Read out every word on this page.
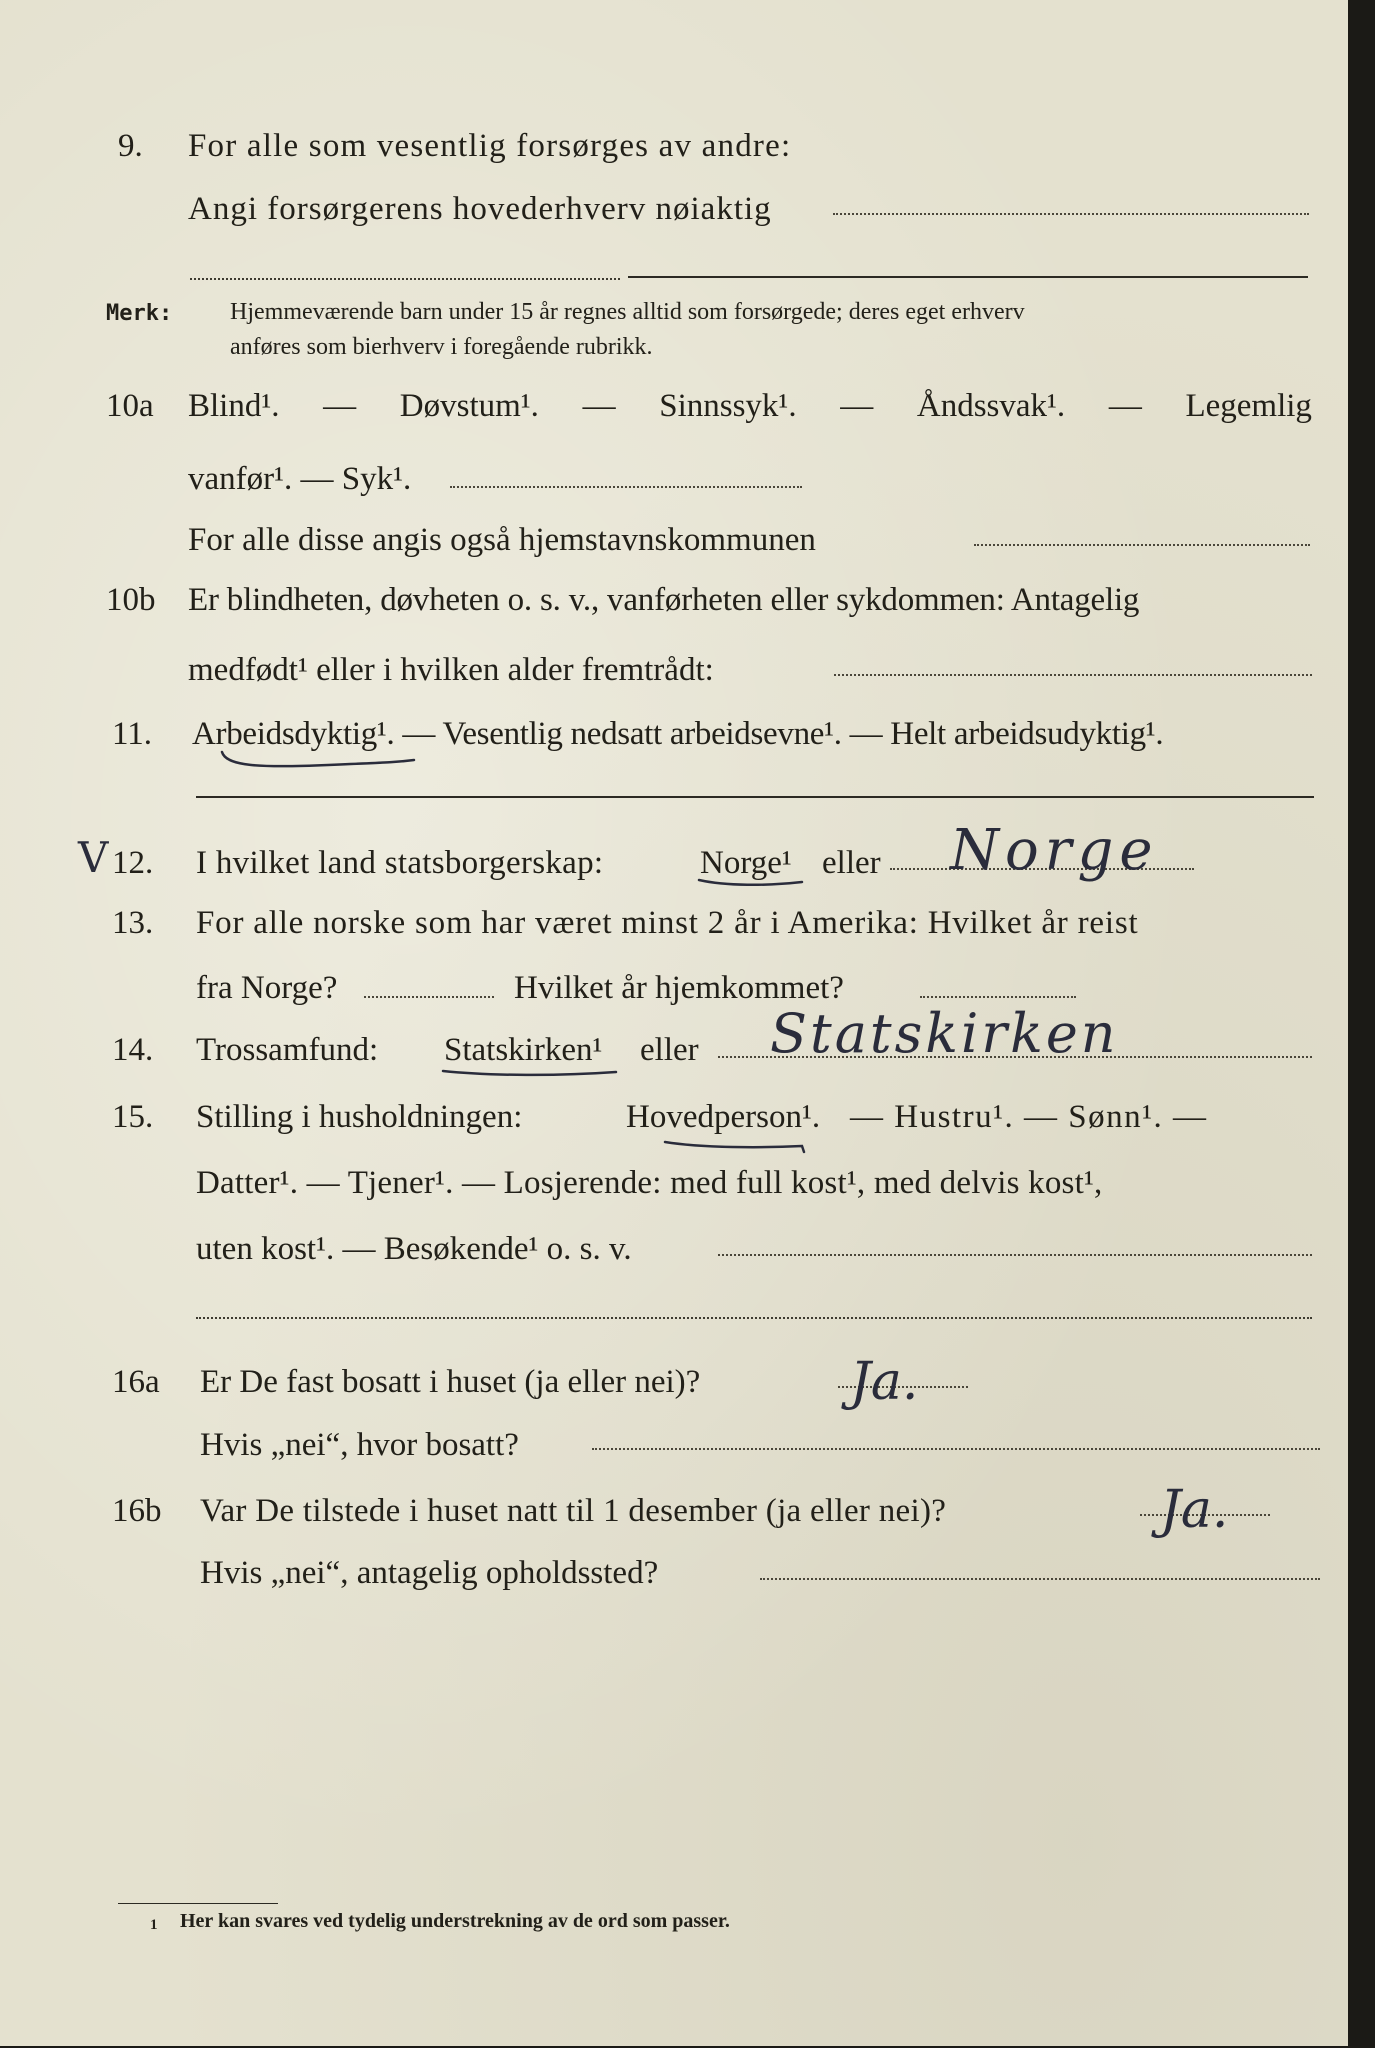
9. For alle som vesentlig forsørges av andre:
Angi forsørgerens hovederhverv nøiaktig
Merk: Hjemmeværende barn under 15 år regnes alltid som forsørgede; deres eget erhverv
anføres som bierhverv i foregående rubrikk.
10a Blind¹. — Døvstum¹. — Sinnssyk¹. — Åndssvak¹. — Legemlig
vanfør¹. — Syk¹.
For alle disse angis også hjemstavnskommunen
10b Er blindheten, døvheten o. s. v., vanførheten eller sykdommen: Antagelig
medfødt¹ eller i hvilken alder fremtrådt:
11. Arbeidsdyktig¹. — Vesentlig nedsatt arbeidsevne¹. — Helt arbeidsudyktig¹.
V 12. I hvilket land statsborgerskap:	Norge¹ eller Norge
13. For alle norske som har været minst 2 år i Amerika: Hvilket år reist
fra Norge?	Hvilket år hjemkommet?
14. Trossamfund: Statskirken¹ eller Statskirken
15. Stilling i husholdningen:	Hovedperson¹. — Hustru¹. — Sønn¹. —
Datter¹. — Tjener¹. — Losjerende: med full kost¹, med delvis kost¹,
uten kost¹. — Besøkende¹ o. s. v.
16a Er De fast bosatt i huset (ja eller nei)?	Ja.
Hvis „nei“, hvor bosatt?
16b Var De tilstede i huset natt til 1 desember (ja eller nei)?	Ja.
Hvis „nei“, antagelig opholdssted?
1 Her kan svares ved tydelig understrekning av de ord som passer.
